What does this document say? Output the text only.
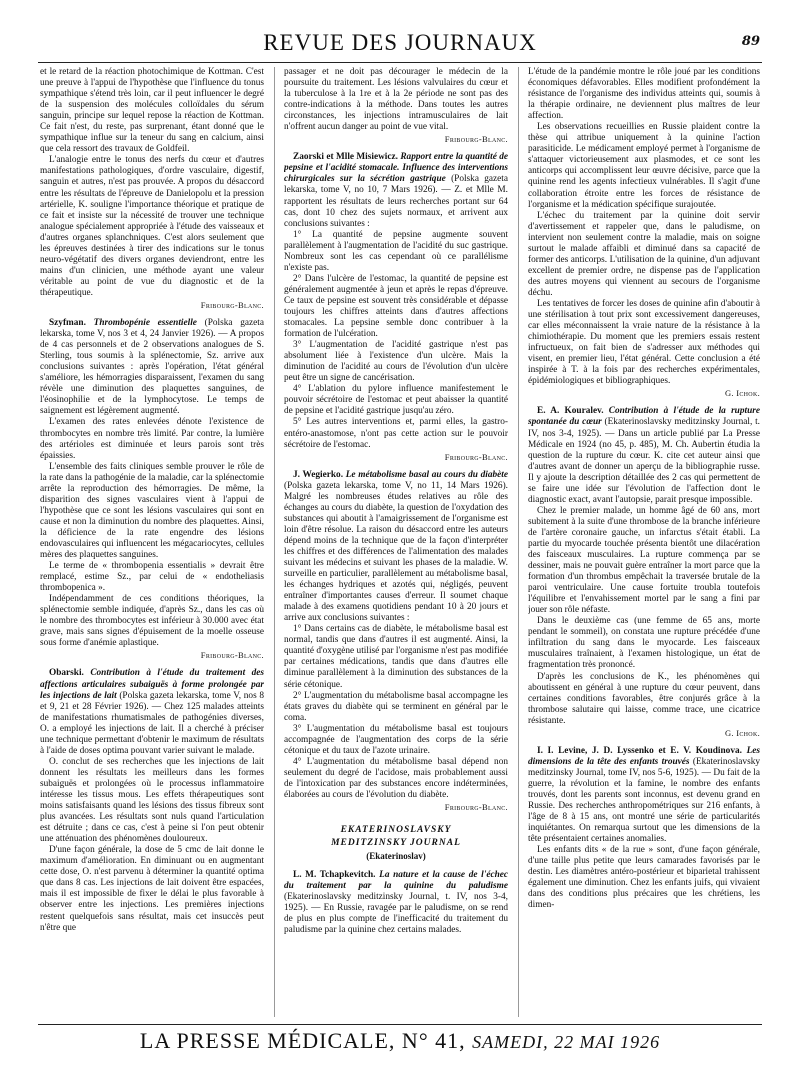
REVUE DES JOURNAUX	89

et le retard de la réaction photochimique de Kottman. C'est une preuve à l'appui de l'hypothèse que l'influence du tonus sympathique s'étend très loin, car il peut influencer le degré de la suspension des molécules colloïdales du sérum sanguin, principe sur lequel repose la réaction de Kottman. Ce fait n'est, du reste, pas surprenant, étant donné que le sympathique influe sur la teneur du sang en calcium, ainsi que cela ressort des travaux de Goldfeil.

L'analogie entre le tonus des nerfs du cœur et d'autres manifestations pathologiques, d'ordre vasculaire, digestif, sanguin et autres, n'est pas prouvée. A propos du désaccord entre les résultats de l'épreuve de Danielopolu et la pression artérielle, K. souligne l'importance théorique et pratique de ce fait et insiste sur la nécessité de trouver une technique analogue spécialement appropriée à l'étude des vaisseaux et d'autres organes splanchniques. C'est alors seulement que les épreuves destinées à tirer des indications sur le tonus neuro-végétatif des divers organes deviendront, entre les mains d'un clinicien, une méthode ayant une valeur véritable au point de vue du diagnostic et de la thérapeutique.

Fribourg-Blanc.

Szyfman. Thrombopénie essentielle (Polska gazeta lekarska, tome V, nos 3 et 4, 24 Janvier 1926). — A propos de 4 cas personnels et de 2 observations analogues de S. Sterling, tous soumis à la splénectomie, Sz. arrive aux conclusions suivantes : après l'opération, l'état général s'améliore, les hémorragies disparaissent, l'examen du sang révèle une diminution des plaquettes sanguines, de l'éosinophilie et de la lymphocytose. Le temps de saignement est légèrement augmenté.

L'examen des rates enlevées dénote l'existence de thrombocytes en nombre très limité. Par contre, la lumière des artérioles est diminuée et leurs parois sont très épaissies.

L'ensemble des faits cliniques semble prouver le rôle de la rate dans la pathogénie de la maladie, car la splénectomie arrête la reproduction des hémorragies. De même, la disparition des signes vasculaires vient à l'appui de l'hypothèse que ce sont les lésions vasculaires qui sont en cause et non la diminution du nombre des plaquettes. Ainsi, la déficience de la rate engendre des lésions endovasculaires qui influencent les mégacariocytes, cellules mères des plaquettes sanguines.

Le terme de « thrombopenia essentialis » devrait être remplacé, estime Sz., par celui de « endotheliasis thrombopenica ».

Indépendamment de ces conditions théoriques, la splénectomie semble indiquée, d'après Sz., dans les cas où le nombre des thrombocytes est inférieur à 30.000 avec état grave, mais sans signes d'épuisement de la moelle osseuse sous forme d'anémie aplastique.

Fribourg-Blanc.

Obarski. Contribution à l'étude du traitement des affections articulaires subaiguës à forme prolongée par les injections de lait (Polska gazeta lekarska, tome V, nos 8 et 9, 21 et 28 Février 1926). — Chez 125 malades atteints de manifestations rhumatismales de pathogénies diverses, O. a employé les injections de lait. Il a cherché à préciser une technique permettant d'obtenir le maximum de résultats à l'aide de doses optima pouvant varier suivant le malade.

O. conclut de ses recherches que les injections de lait donnent les résultats les meilleurs dans les formes subaiguës et prolongées où le processus inflammatoire intéresse les tissus mous. Les effets thérapeutiques sont moins satisfaisants quand les lésions des tissus fibreux sont plus avancées. Les résultats sont nuls quand l'articulation est détruite ; dans ce cas, c'est à peine si l'on peut obtenir une atténuation des phénomènes douloureux.

D'une façon générale, la dose de 5 cmc de lait donne le maximum d'amélioration. En diminuant ou en augmentant cette dose, O. n'est parvenu à déterminer la quantité optima que dans 8 cas. Les injections de lait doivent être espacées, mais il est impossible de fixer le délai le plus favorable à observer entre les injections. Les premières injections restent quelquefois sans résultat, mais cet insuccès peut n'être que

passager et ne doit pas décourager le médecin de la poursuite du traitement. Les lésions valvulaires du cœur et la tuberculose à la 1re et à la 2e période ne sont pas des contre-indications à la méthode. Dans toutes les autres circonstances, les injections intramusculaires de lait n'offrent aucun danger au point de vue vital.

Fribourg-Blanc.

Zaorski et Mlle Misiewicz. Rapport entre la quantité de pepsine et l'acidité stomacale. Influence des interventions chirurgicales sur la sécrétion gastrique (Polska gazeta lekarska, tome V, no 10, 7 Mars 1926). — Z. et Mlle M. rapportent les résultats de leurs recherches portant sur 64 cas, dont 10 chez des sujets normaux, et arrivent aux conclusions suivantes :

1° La quantité de pepsine augmente souvent parallèlement à l'augmentation de l'acidité du suc gastrique. Nombreux sont les cas cependant où ce parallélisme n'existe pas.

2° Dans l'ulcère de l'estomac, la quantité de pepsine est généralement augmentée à jeun et après le repas d'épreuve. Ce taux de pepsine est souvent très considérable et dépasse toujours les chiffres atteints dans d'autres affections stomacales. La pepsine semble donc contribuer à la formation de l'ulcération.

3° L'augmentation de l'acidité gastrique n'est pas absolument liée à l'existence d'un ulcère. Mais la diminution de l'acidité au cours de l'évolution d'un ulcère peut être un signe de cancérisation.

4° L'ablation du pylore influence manifestement le pouvoir sécrétoire de l'estomac et peut abaisser la quantité de pepsine et l'acidité gastrique jusqu'au zéro.

5° Les autres interventions et, parmi elles, la gastro-entéro-anastomose, n'ont pas cette action sur le pouvoir sécrétoire de l'estomac.

Fribourg-Blanc.

J. Wegierko. Le métabolisme basal au cours du diabète (Polska gazeta lekarska, tome V, no 11, 14 Mars 1926). Malgré les nombreuses études relatives au rôle des échanges au cours du diabète, la question de l'oxydation des substances qui aboutit à l'amaigrissement de l'organisme est loin d'être résolue. La raison du désaccord entre les auteurs dépend moins de la technique que de la façon d'interpréter les chiffres et des différences de l'alimentation des malades suivant les médecins et suivant les phases de la maladie. W. surveille en particulier, parallèlement au métabolisme basal, les échanges hydriques et azotés qui, négligés, peuvent entraîner d'importantes causes d'erreur. Il soumet chaque malade à des examens quotidiens pendant 10 à 20 jours et arrive aux conclusions suivantes :

1° Dans certains cas de diabète, le métabolisme basal est normal, tandis que dans d'autres il est augmenté. Ainsi, la quantité d'oxygène utilisé par l'organisme n'est pas modifiée par certaines médications, tandis que dans d'autres elle diminue parallèlement à la diminution des substances de la série cétonique.

2° L'augmentation du métabolisme basal accompagne les états graves du diabète qui se terminent en général par le coma.

3° L'augmentation du métabolisme basal est toujours accompagnée de l'augmentation des corps de la série cétonique et du taux de l'azote urinaire.

4° L'augmentation du métabolisme basal dépend non seulement du degré de l'acidose, mais probablement aussi de l'intoxication par des substances encore indéterminées, élaborées au cours de l'évolution du diabète.

Fribourg-Blanc.
EKATERINOSLAVSKY
MEDITZINSKY JOURNAL
(Ekaterinoslav)

L. M. Tchapkevitch. La nature et la cause de l'échec du traitement par la quinine du paludisme (Ekaterinoslavsky meditzinsky Journal, t. IV, nos 3-4, 1925). — En Russie, ravagée par le paludisme, on se rend de plus en plus compte de l'inefficacité du traitement du paludisme par la quinine chez certains malades.

L'étude de la pandémie montre le rôle joué par les conditions économiques défavorables. Elles modifient profondément la résistance de l'organisme des individus atteints qui, soumis à la thérapie ordinaire, ne deviennent plus maîtres de leur affection.

Les observations recueillies en Russie plaident contre la thèse qui attribue uniquement à la quinine l'action parasiticide. Le médicament employé permet à l'organisme de s'attaquer victorieusement aux plasmodes, et ce sont les anticorps qui accomplissent leur œuvre décisive, parce que la quinine rend les agents infectieux vulnérables. Il s'agit d'une collaboration étroite entre les forces de résistance de l'organisme et la médication spécifique surajoutée.

L'échec du traitement par la quinine doit servir d'avertissement et rappeler que, dans le paludisme, on intervient non seulement contre la maladie, mais on soigne surtout le malade affaibli et diminué dans sa capacité de former des anticorps. L'utilisation de la quinine, d'un adjuvant excellent de premier ordre, ne dispense pas de l'application des autres moyens qui viennent au secours de l'organisme déchu.

Les tentatives de forcer les doses de quinine afin d'aboutir à une stérilisation à tout prix sont excessivement dangereuses, car elles méconnaissent la vraie nature de la résistance à la chimiothérapie. Du moment que les premiers essais restent infructueux, on fait bien de s'adresser aux méthodes qui visent, en premier lieu, l'état général. Cette conclusion a été inspirée à T. à la fois par des recherches expérimentales, épidémiologiques et bibliographiques.

G. Ichok.

E. A. Kouralev. Contribution à l'étude de la rupture spontanée du cœur (Ekaterinoslavsky meditzinsky Journal, t. IV, nos 3-4, 1925). — Dans un article publié par La Presse Médicale en 1924 (no 45, p. 485), M. Ch. Aubertin étudia la question de la rupture du cœur. K. cite cet auteur ainsi que d'autres avant de donner un aperçu de la bibliographie russe. Il y ajoute la description détaillée des 2 cas qui permettent de se faire une idée sur l'évolution de l'affection dont le diagnostic exact, avant l'autopsie, parait presque impossible.

Chez le premier malade, un homme âgé de 60 ans, mort subitement à la suite d'une thrombose de la branche inférieure de l'artère coronaire gauche, un infarctus s'était établi. La partie du myocarde touchée présenta bientôt une dilacération des faisceaux musculaires. La rupture commença par se dessiner, mais ne pouvait guère entraîner la mort parce que la formation d'un thrombus empêchait la traversée brutale de la paroi ventriculaire. Une cause fortuite troubla toutefois l'équilibre et l'envahissement mortel par le sang a fini par jouer son rôle néfaste.

Dans le deuxième cas (une femme de 65 ans, morte pendant le sommeil), on constata une rupture précédée d'une infiltration du sang dans le myocarde. Les faisceaux musculaires traînaient, à l'examen histologique, un état de fragmentation très prononcé.

D'après les conclusions de K., les phénomènes qui aboutissent en général à une rupture du cœur peuvent, dans certaines conditions favorables, être conjurés grâce à la thrombose salutaire qui laisse, comme trace, une cicatrice résistante.

G. Ichok.

I. I. Levine, J. D. Lyssenko et E. V. Koudinova. Les dimensions de la tête des enfants trouvés (Ekaterinoslavsky meditzinsky Journal, tome IV, nos 5-6, 1925). — Du fait de la guerre, la révolution et la famine, le nombre des enfants trouvés, dont les parents sont inconnus, est devenu grand en Russie. Des recherches anthropométriques sur 216 enfants, à l'âge de 8 à 15 ans, ont montré une série de particularités inquiétantes. On remarqua surtout que les dimensions de la tête présentaient certaines anomalies.

Les enfants dits « de la rue » sont, d'une façon générale, d'une taille plus petite que leurs camarades favorisés par le destin. Les diamètres antéro-postérieur et biparietal trahissent également une diminution. Chez les enfants juifs, qui vivaient dans des conditions plus précaires que les chrétiens, les dimen-

LA PRESSE MÉDICALE, N° 41, SAMEDI, 22 MAI 1926
